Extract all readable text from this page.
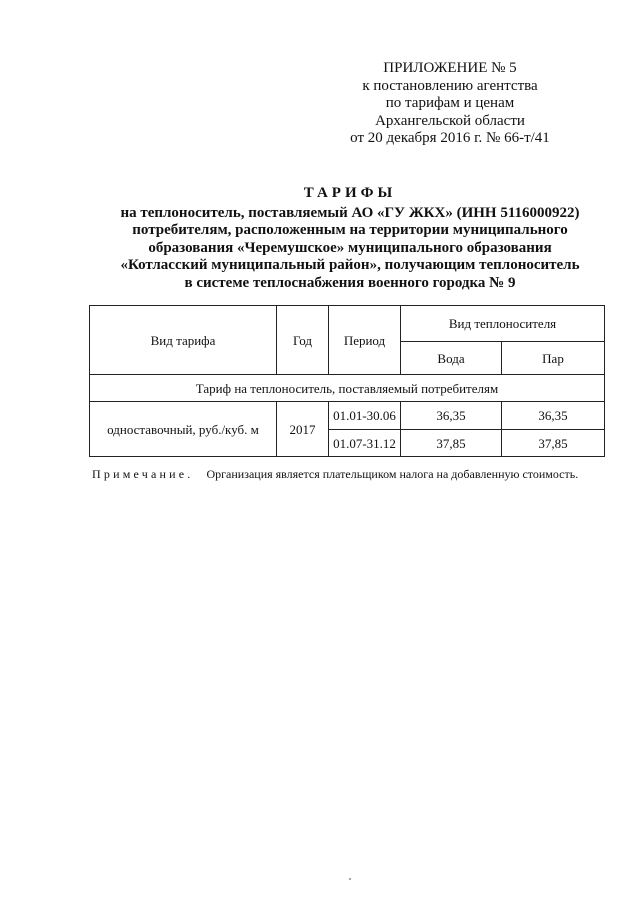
ПРИЛОЖЕНИЕ № 5
к постановлению агентства
по тарифам и ценам
Архангельской области
от 20 декабря 2016 г. № 66-т/41
ТАРИФЫ
на теплоноситель, поставляемый АО «ГУ ЖКХ» (ИНН 5116000922)
потребителям, расположенным на территории муниципального
образования «Черемушское» муниципального образования
«Котласский муниципальный район», получающим теплоноситель
в системе теплоснабжения военного городка № 9
Вид тарифа	Год	Период	Вид теплоносителя	
			Вода	Пар
Тариф на теплоноситель, поставляемый потребителям				
одноставочный, руб./куб. м	2017	01.01-30.06	36,35	36,35
		01.07-31.12	37,85	37,85
Примечание. Организация является плательщиком налога на добавленную стоимость.
